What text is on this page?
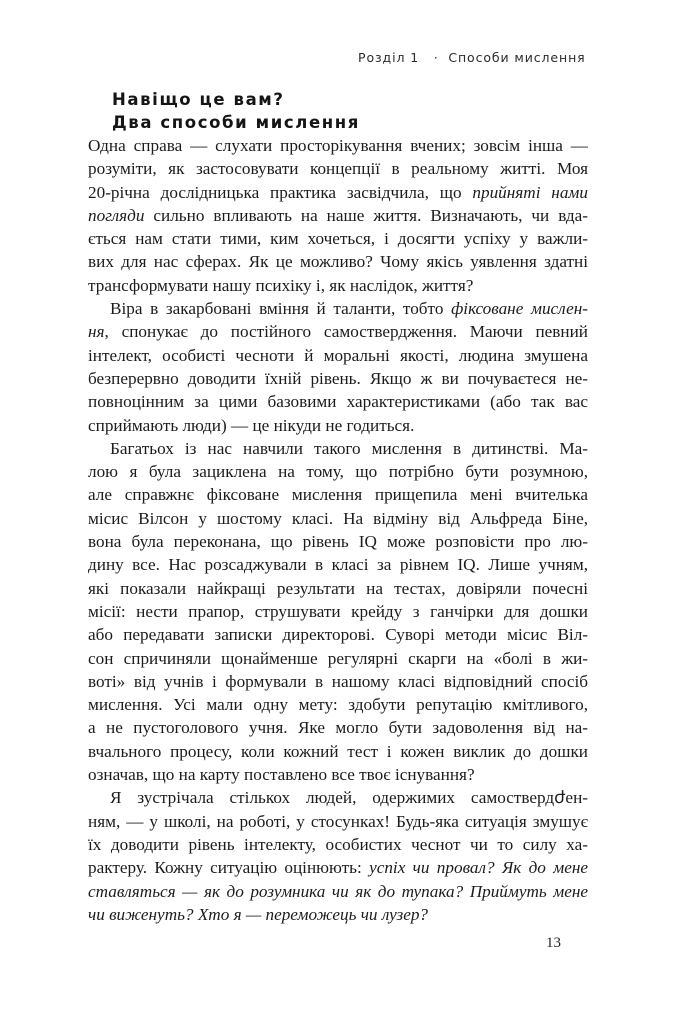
Розділ 1 · Способи мислення
Навіщо це вам?
Два способи мислення
Одна справа — слухати просторікування вчених; зовсім інша —
розуміти, як застосовувати концепції в реальному житті. Моя
20-річна дослідницька практика засвідчила, що прийняті нами
погляди сильно впливають на наше життя. Визначають, чи вда-
ється нам стати тими, ким хочеться, і досягти успіху у важли-
вих для нас сферах. Як це можливо? Чому якісь уявлення здатні
трансформувати нашу психіку і, як наслідок, життя?
Віра в закарбовані вміння й таланти, тобто фіксоване мислен-
ня, спонукає до постійного самоствердження. Маючи певний
інтелект, особисті чесноти й моральні якості, людина змушена
безперервно доводити їхній рівень. Якщо ж ви почуваєтеся не-
повноцінним за цими базовими характеристиками (або так вас
сприймають люди) — це нікуди не годиться.
Багатьох із нас навчили такого мислення в дитинстві. Ма-
лою я була зациклена на тому, що потрібно бути розумною,
але справжнє фіксоване мислення прищепила мені вчителька
місис Вілсон у шостому класі. На відміну від Альфреда Біне,
вона була переконана, що рівень IQ може розповісти про лю-
дину все. Нас розсаджували в класі за рівнем IQ. Лише учням,
які показали найкращі результати на тестах, довіряли почесні
місії: нести прапор, струшувати крейду з ганчірки для дошки
або передавати записки директорові. Суворі методи місис Віл-
сон спричиняли щонайменше регулярні скарги на «болі в жи-
воті» від учнів і формували в нашому класі відповідний спосіб
мислення. Усі мали одну мету: здобути репутацію кмітливого,
а не пустоголового учня. Яке могло бути задоволення від на-
вчального процесу, коли кожний тест і кожен виклик до дошки
означав, що на карту поставлено все твоє існування?
Я зустрічала стількох людей, одержимих самоствердժен-
ням, — у школі, на роботі, у стосунках! Будь-яка ситуація змушує
їх доводити рівень інтелекту, особистих чеснот чи то силу ха-
рактеру. Кожну ситуацію оцінюють: успіх чи провал? Як до мене
ставляться — як до розумника чи як до тупака? Приймуть мене
чи виженуть? Хто я — переможець чи лузер?
13
